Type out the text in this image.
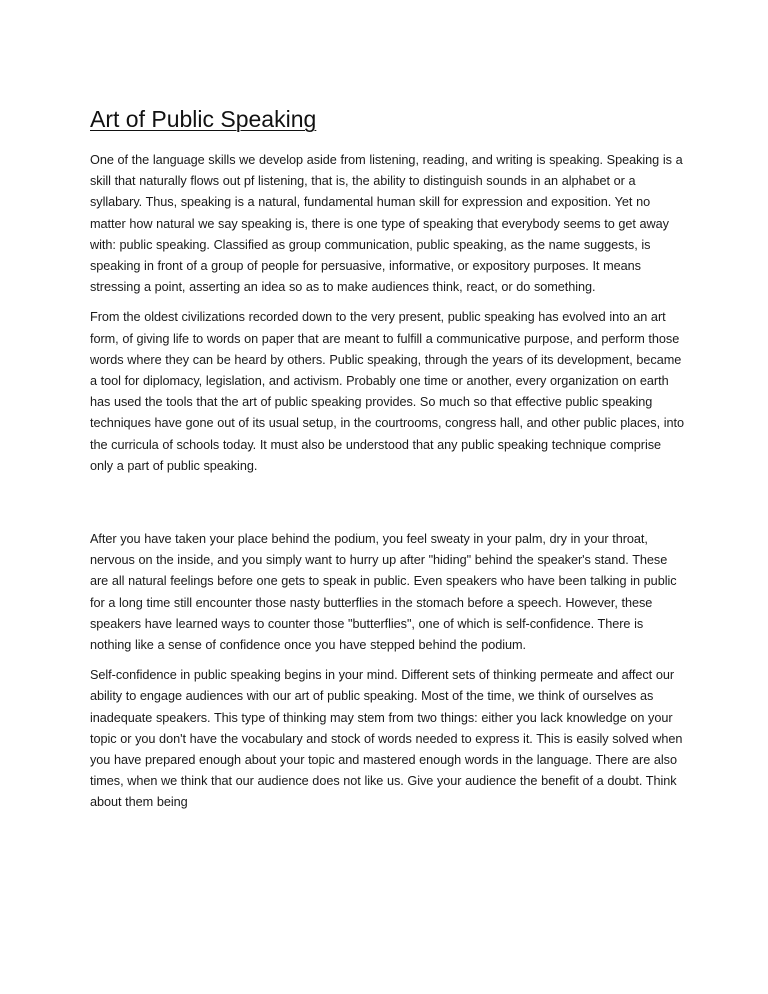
Art of Public Speaking

One of the language skills we develop aside from listening, reading, and writing is speaking. Speaking is a skill that naturally flows out pf listening, that is, the ability to distinguish sounds in an alphabet or a syllabary. Thus, speaking is a natural, fundamental human skill for expression and exposition. Yet no matter how natural we say speaking is, there is one type of speaking that everybody seems to get away with: public speaking. Classified as group communication, public speaking, as the name suggests, is speaking in front of a group of people for persuasive, informative, or expository purposes. It means stressing a point, asserting an idea so as to make audiences think, react, or do something.

From the oldest civilizations recorded down to the very present, public speaking has evolved into an art form, of giving life to words on paper that are meant to fulfill a communicative purpose, and perform those words where they can be heard by others. Public speaking, through the years of its development, became a tool for diplomacy, legislation, and activism. Probably one time or another, every organization on earth has used the tools that the art of public speaking provides. So much so that effective public speaking techniques have gone out of its usual setup, in the courtrooms, congress hall, and other public places, into the curricula of schools today. It must also be understood that any public speaking technique comprise only a part of public speaking.

After you have taken your place behind the podium, you feel sweaty in your palm, dry in your throat, nervous on the inside, and you simply want to hurry up after "hiding" behind the speaker's stand. These are all natural feelings before one gets to speak in public. Even speakers who have been talking in public for a long time still encounter those nasty butterflies in the stomach before a speech. However, these speakers have learned ways to counter those "butterflies", one of which is self-confidence. There is nothing like a sense of confidence once you have stepped behind the podium.

Self-confidence in public speaking begins in your mind. Different sets of thinking permeate and affect our ability to engage audiences with our art of public speaking. Most of the time, we think of ourselves as inadequate speakers. This type of thinking may stem from two things: either you lack knowledge on your topic or you don't have the vocabulary and stock of words needed to express it. This is easily solved when you have prepared enough about your topic and mastered enough words in the language. There are also times, when we think that our audience does not like us. Give your audience the benefit of a doubt. Think about them being
